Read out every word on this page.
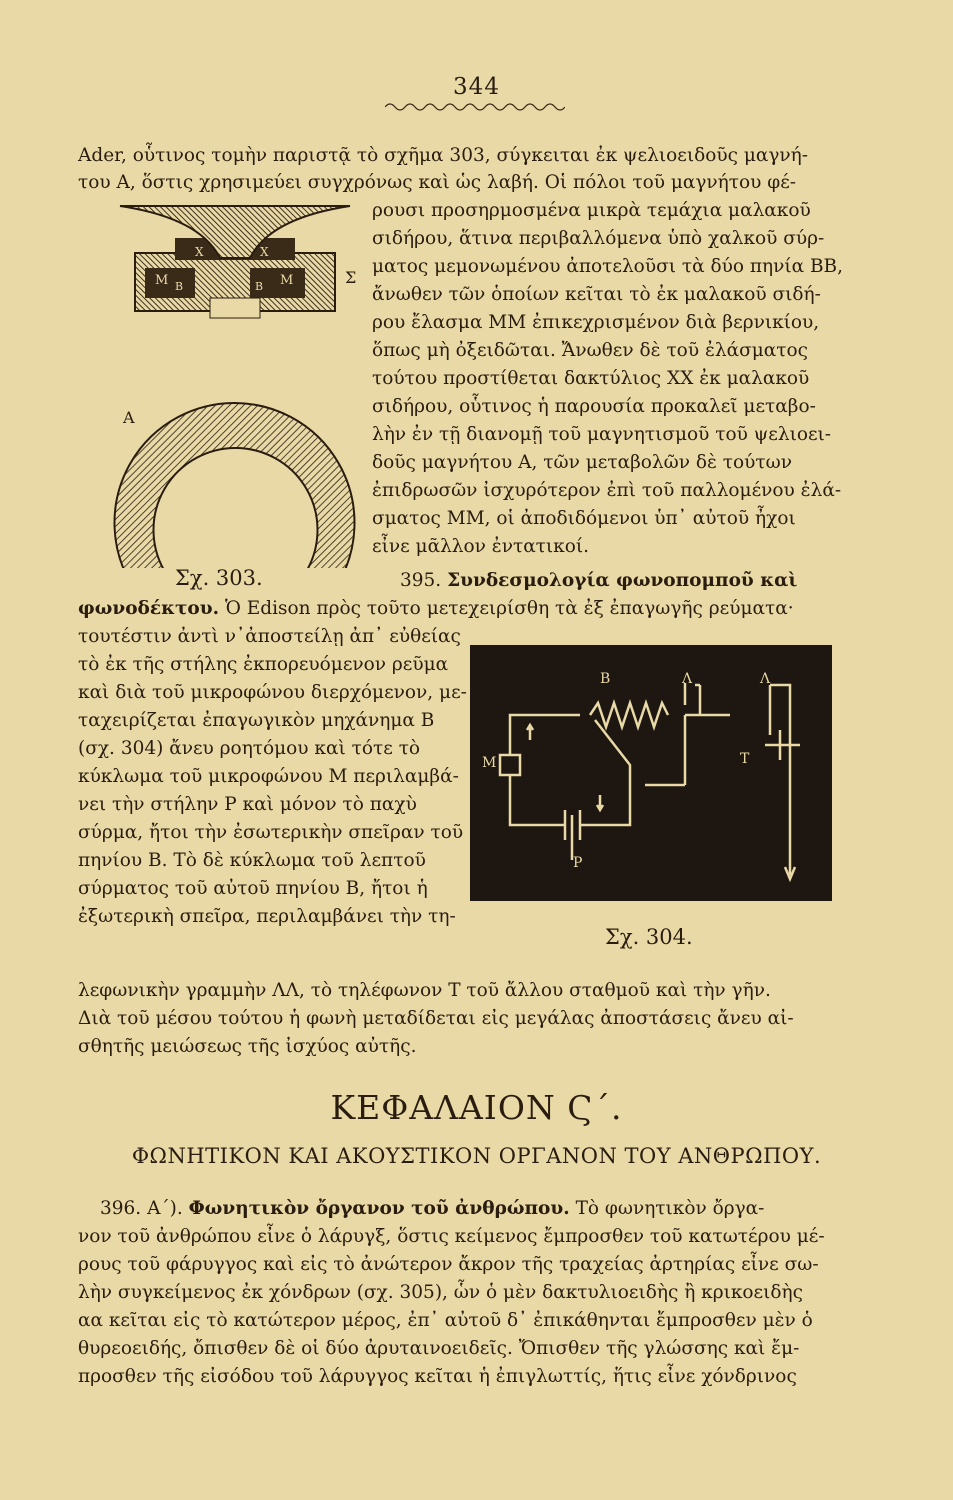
344
Ader, οὗτινος τομὴν παριστᾷ τὸ σχῆμα 303, σύγκειται ἐκ ψελιοειδοῦς μαγνή-
του Α, ὅστις χρησιμεύει συγχρόνως καὶ ὡς λαβή. Οἱ πόλοι τοῦ μαγνήτου φέ-
Μ Β	Β Μ
Χ	Χ
Σ
Α
Σχ. 303.
ρουσι προσηρμοσμένα μικρὰ τεμάχια μαλακοῦ
σιδήρου, ἅτινα περιβαλλόμενα ὑπὸ χαλκοῦ σύρ-
ματος μεμονωμένου ἀποτελοῦσι τὰ δύο πηνία ΒΒ,
ἄνωθεν τῶν ὁποίων κεῖται τὸ ἐκ μαλακοῦ σιδή-
ρου ἔλασμα ΜΜ ἐπικεχρισμένον διὰ βερνικίου,
ὅπως μὴ ὀξειδῶται. Ἄνωθεν δὲ τοῦ ἐλάσματος
τούτου προστίθεται δακτύλιος ΧΧ ἐκ μαλακοῦ
σιδήρου, οὗτινος ἡ παρουσία προκαλεῖ μεταβο-
λὴν ἐν τῇ διανομῇ τοῦ μαγνητισμοῦ τοῦ ψελιοει-
δοῦς μαγνήτου Α, τῶν μεταβολῶν δὲ τούτων
ἐπιδρωσῶν ἰσχυρότερον ἐπὶ τοῦ παλλομένου ἐλά-
σματος ΜΜ, οἱ ἀποδιδόμενοι ὑπ᾽ αὐτοῦ ἦχοι
εἶνε μᾶλλον ἐντατικοί.
395. Συνδεσμολογία φωνοπομποῦ καὶ
φωνοδέκτου. Ὁ Edison πρὸς τοῦτο μετεχειρίσθη τὰ ἐξ ἐπαγωγῆς ρεύματα·
τουτέστιν ἀντὶ ν᾽ἀποστείλῃ ἀπ᾽ εὐθείας
τὸ ἐκ τῆς στήλης ἐκπορευόμενον ρεῦμα
καὶ διὰ τοῦ μικροφώνου διερχόμενον, με-
ταχειρίζεται ἐπαγωγικὸν μηχάνημα Β
(σχ. 304) ἄνευ ροητόμου καὶ τότε τὸ
κύκλωμα τοῦ μικροφώνου Μ περιλαμβά-
νει τὴν στήλην Ρ καὶ μόνον τὸ παχὺ
σύρμα, ἤτοι τὴν ἐσωτερικὴν σπεῖραν τοῦ
πηνίου Β. Τὸ δὲ κύκλωμα τοῦ λεπτοῦ
σύρματος τοῦ αὐτοῦ πηνίου Β, ἤτοι ἡ
ἐξωτερικὴ σπεῖρα, περιλαμβάνει τὴν τη-
Β	Λ	Λ
Μ	Τ
Ρ
Σχ. 304.
λεφωνικὴν γραμμὴν ΛΛ, τὸ τηλέφωνον Τ τοῦ ἄλλου σταθμοῦ καὶ τὴν γῆν.
Διὰ τοῦ μέσου τούτου ἡ φωνὴ μεταδίδεται εἰς μεγάλας ἀποστάσεις ἄνευ αἰ-
σθητῆς μειώσεως τῆς ἰσχύος αὐτῆς.
ΚΕΦΑΛΑΙΟΝ Ϛ΄.
ΦΩΝΗΤΙΚΟΝ ΚΑΙ ΑΚΟΥΣΤΙΚΟΝ ΟΡΓΑΝΟΝ ΤΟΥ ΑΝΘΡΩΠΟΥ.
396. Α΄). Φωνητικὸν ὄργανον τοῦ ἀνθρώπου. Τὸ φωνητικὸν ὄργα-
νον τοῦ ἀνθρώπου εἶνε ὁ λάρυγξ, ὅστις κείμενος ἔμπροσθεν τοῦ κατωτέρου μέ-
ρους τοῦ φάρυγγος καὶ εἰς τὸ ἀνώτερον ἄκρον τῆς τραχείας ἀρτηρίας εἶνε σω-
λὴν συγκείμενος ἐκ χόνδρων (σχ. 305), ὧν ὁ μὲν δακτυλιοειδὴς ἢ κρικοειδὴς
αα κεῖται εἰς τὸ κατώτερον μέρος, ἐπ᾽ αὐτοῦ δ᾽ ἐπικάθηνται ἔμπροσθεν μὲν ὁ
θυρεοειδής, ὄπισθεν δὲ οἱ δύο ἀρυταινοειδεῖς. Ὄπισθεν τῆς γλώσσης καὶ ἔμ-
προσθεν τῆς εἰσόδου τοῦ λάρυγγος κεῖται ἡ ἐπιγλωττίς, ἥτις εἶνε χόνδρινος
